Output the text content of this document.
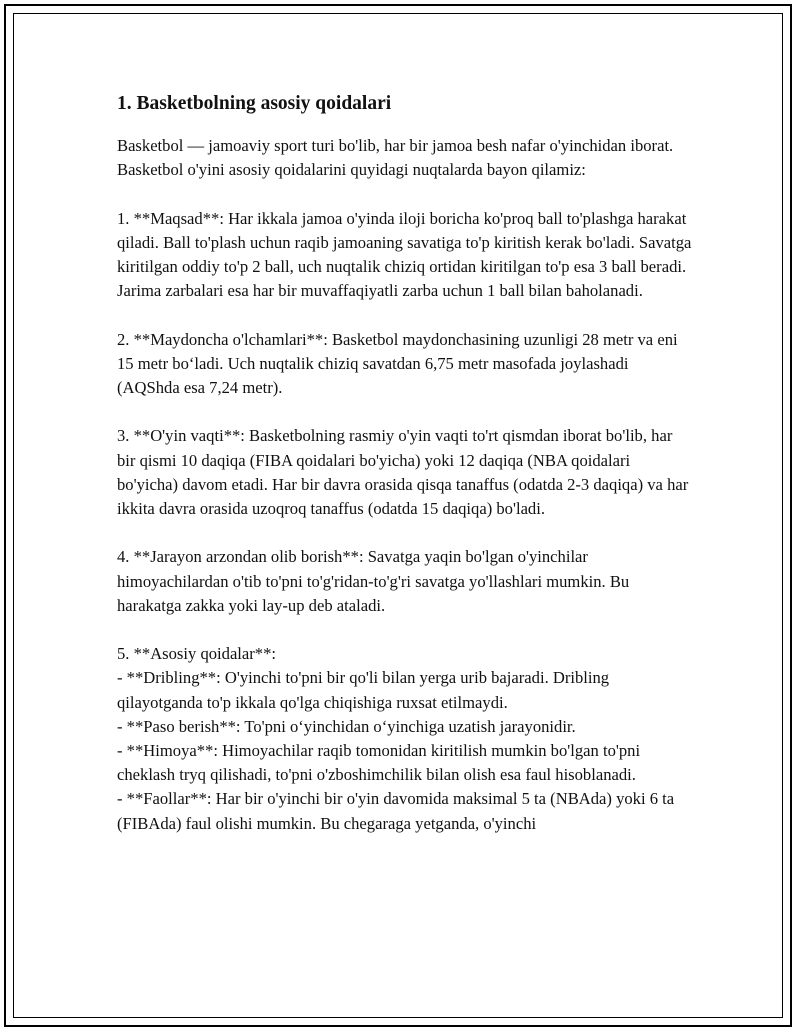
1. Basketbolning asosiy qoidalari

Basketbol — jamoaviy sport turi bo'lib, har bir jamoa besh nafar o'yinchidan iborat. Basketbol o'yini asosiy qoidalarini quyidagi nuqtalarda bayon qilamiz:

1. **Maqsad**: Har ikkala jamoa o'yinda iloji boricha ko'proq ball to'plashga harakat qiladi. Ball to'plash uchun raqib jamoaning savatiga to'p kiritish kerak bo'ladi. Savatga kiritilgan oddiy to'p 2 ball, uch nuqtalik chiziq ortidan kiritilgan to'p esa 3 ball beradi. Jarima zarbalari esa har bir muvaffaqiyatli zarba uchun 1 ball bilan baholanadi.

2. **Maydoncha o'lchamlari**: Basketbol maydonchasining uzunligi 28 metr va eni 15 metr bo‘ladi. Uch nuqtalik chiziq savatdan 6,75 metr masofada joylashadi (AQShda esa 7,24 metr).

3. **O'yin vaqti**: Basketbolning rasmiy o'yin vaqti to'rt qismdan iborat bo'lib, har bir qismi 10 daqiqa (FIBA qoidalari bo'yicha) yoki 12 daqiqa (NBA qoidalari bo'yicha) davom etadi. Har bir davra orasida qisqa tanaffus (odatda 2-3 daqiqa) va har ikkita davra orasida uzoqroq tanaffus (odatda 15 daqiqa) bo'ladi.

4. **Jarayon arzondan olib borish**: Savatga yaqin bo'lgan o'yinchilar himoyachilardan o'tib to'pni to'g'ridan-to'g'ri savatga yo'llashlari mumkin. Bu harakatga zakka yoki lay-up deb ataladi.

5. **Asosiy qoidalar**:
- **Dribling**: O'yinchi to'pni bir qo'li bilan yerga urib bajaradi. Dribling qilayotganda to'p ikkala qo'lga chiqishiga ruxsat etilmaydi.
- **Paso berish**: To'pni o‘yinchidan o‘yinchiga uzatish jarayonidir.
- **Himoya**: Himoyachilar raqib tomonidan kiritilish mumkin bo'lgan to'pni cheklash tryq qilishadi, to'pni o'zboshimchilik bilan olish esa faul hisoblanadi.
- **Faollar**: Har bir o'yinchi bir o'yin davomida maksimal 5 ta (NBAda) yoki 6 ta (FIBAda) faul olishi mumkin. Bu chegaraga yetganda, o'yinchi
